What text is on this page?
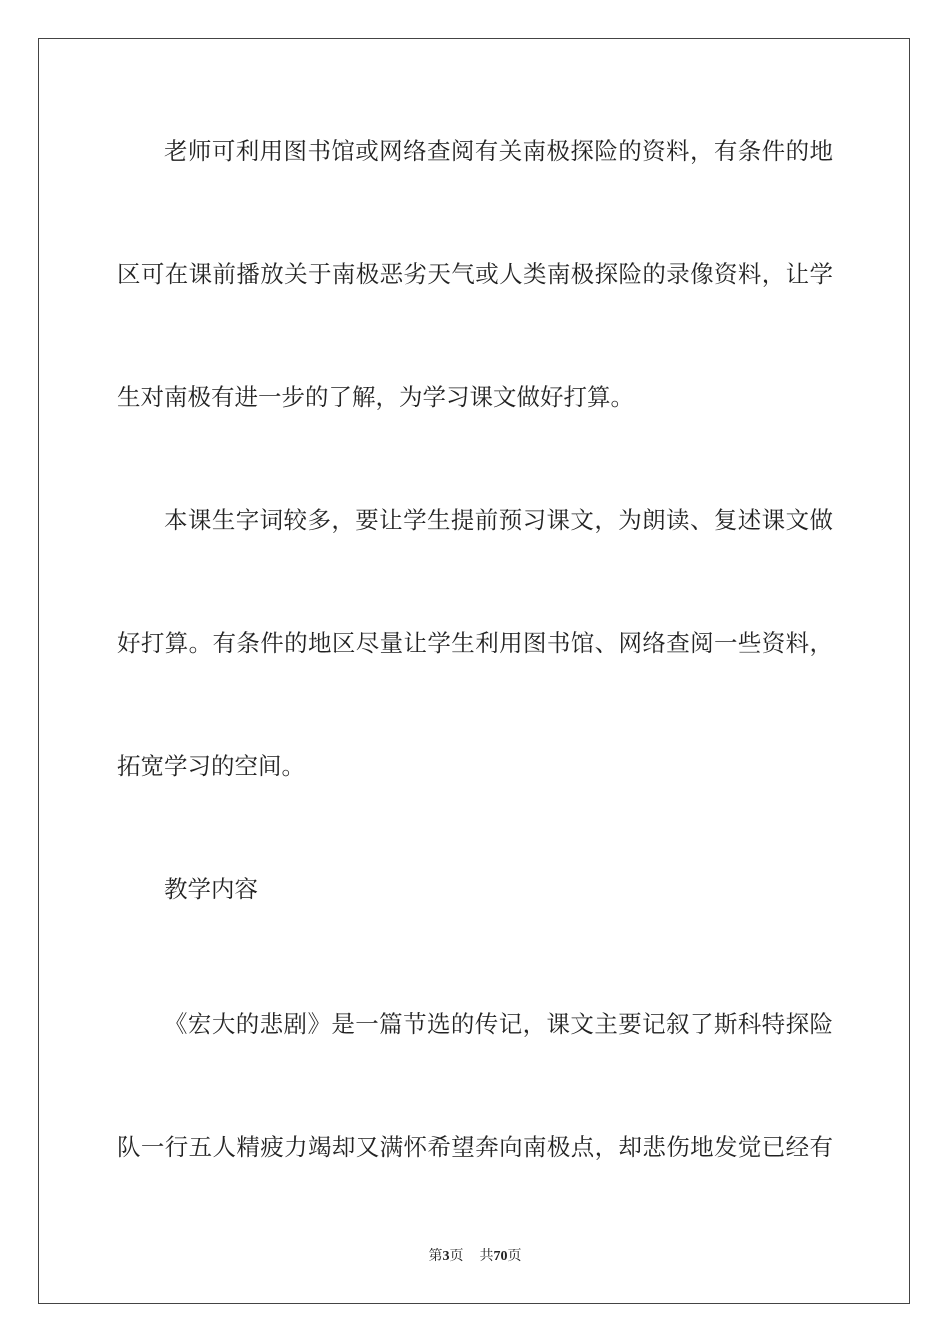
老师可利用图书馆或网络查阅有关南极探险的资料，有条件的地
区可在课前播放关于南极恶劣天气或人类南极探险的录像资料，让学
生对南极有进一步的了解，为学习课文做好打算。
本课生字词较多，要让学生提前预习课文，为朗读、复述课文做
好打算。有条件的地区尽量让学生利用图书馆、网络查阅一些资料，
拓宽学习的空间。
教学内容
《宏大的悲剧》是一篇节选的传记，课文主要记叙了斯科特探险
队一行五人精疲力竭却又满怀希望奔向南极点，却悲伤地发觉已经有
第3页 共70页
